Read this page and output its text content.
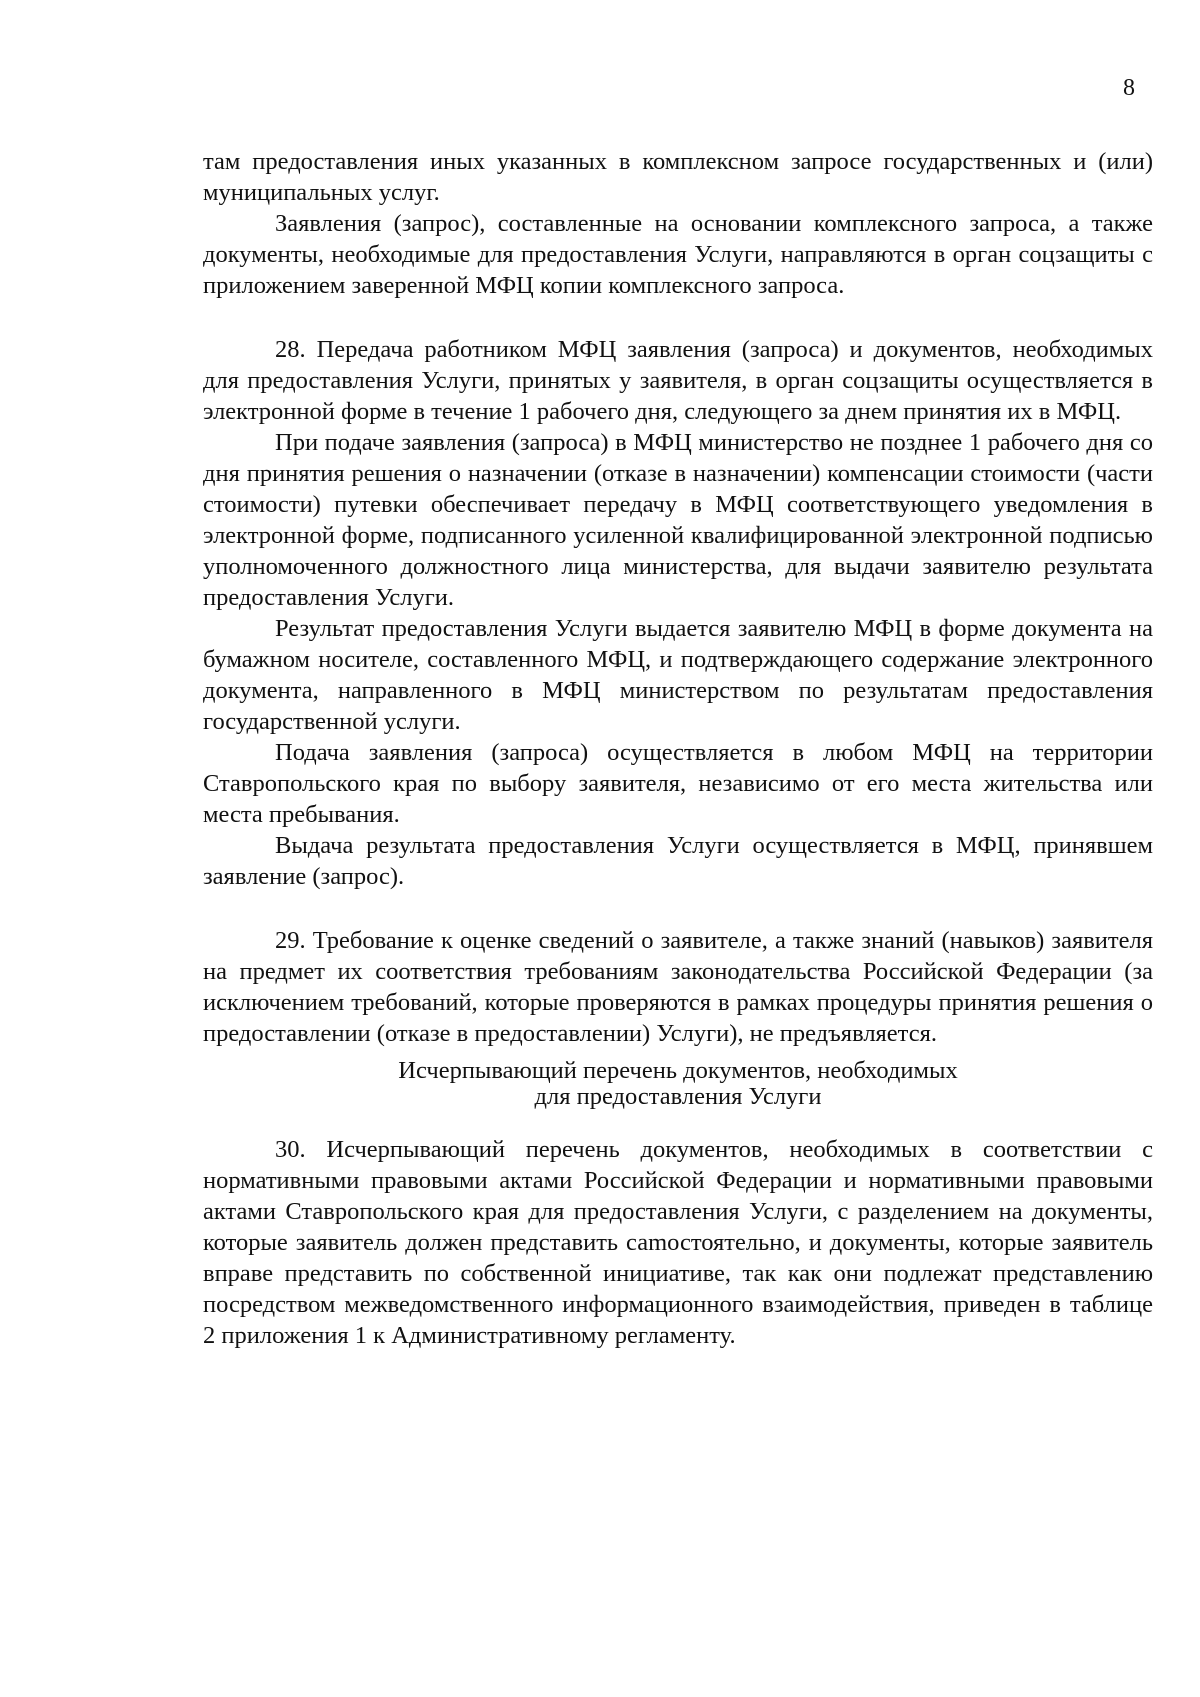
8

там предоставления иных указанных в комплексном запросе государственных и (или) муниципальных услуг.

Заявления (запрос), составленные на основании комплексного запроса, а также документы, необходимые для предоставления Услуги, направляются в орган соцзащиты с приложением заверенной МФЦ копии комплексного запроса.

28. Передача работником МФЦ заявления (запроса) и документов, необходимых для предоставления Услуги, принятых у заявителя, в орган соцзащиты осуществляется в электронной форме в течение 1 рабочего дня, следующего за днем принятия их в МФЦ.

При подаче заявления (запроса) в МФЦ министерство не позднее 1 рабочего дня со дня принятия решения о назначении (отказе в назначении) компенсации стоимости (части стоимости) путевки обеспечивает передачу в МФЦ соответствующего уведомления в электронной форме, подписанного усиленной квалифицированной электронной подписью уполномоченного должностного лица министерства, для выдачи заявителю результата предоставления Услуги.

Результат предоставления Услуги выдается заявителю МФЦ в форме документа на бумажном носителе, составленного МФЦ, и подтверждающего содержание электронного документа, направленного в МФЦ министерством по результатам предоставления государственной услуги.

Подача заявления (запроса) осуществляется в любом МФЦ на территории Ставропольского края по выбору заявителя, независимо от его места жительства или места пребывания.

Выдача результата предоставления Услуги осуществляется в МФЦ, принявшем заявление (запрос).

29. Требование к оценке сведений о заявителе, а также знаний (навыков) заявителя на предмет их соответствия требованиям законодательства Российской Федерации (за исключением требований, которые проверяются в рамках процедуры принятия решения о предоставлении (отказе в предоставлении) Услуги), не предъявляется.

Исчерпывающий перечень документов, необходимых
для предоставления Услуги

30. Исчерпывающий перечень документов, необходимых в соответствии с нормативными правовыми актами Российской Федерации и нормативными правовыми актами Ставропольского края для предоставления Услуги, с разделением на документы, которые заявитель должен представить саmостоятельно, и документы, которые заявитель вправе представить по собственной инициативе, так как они подлежат представлению посредством межведомственного информационного взаимодействия, приведен в таблице 2 приложения 1 к Административному регламенту.
